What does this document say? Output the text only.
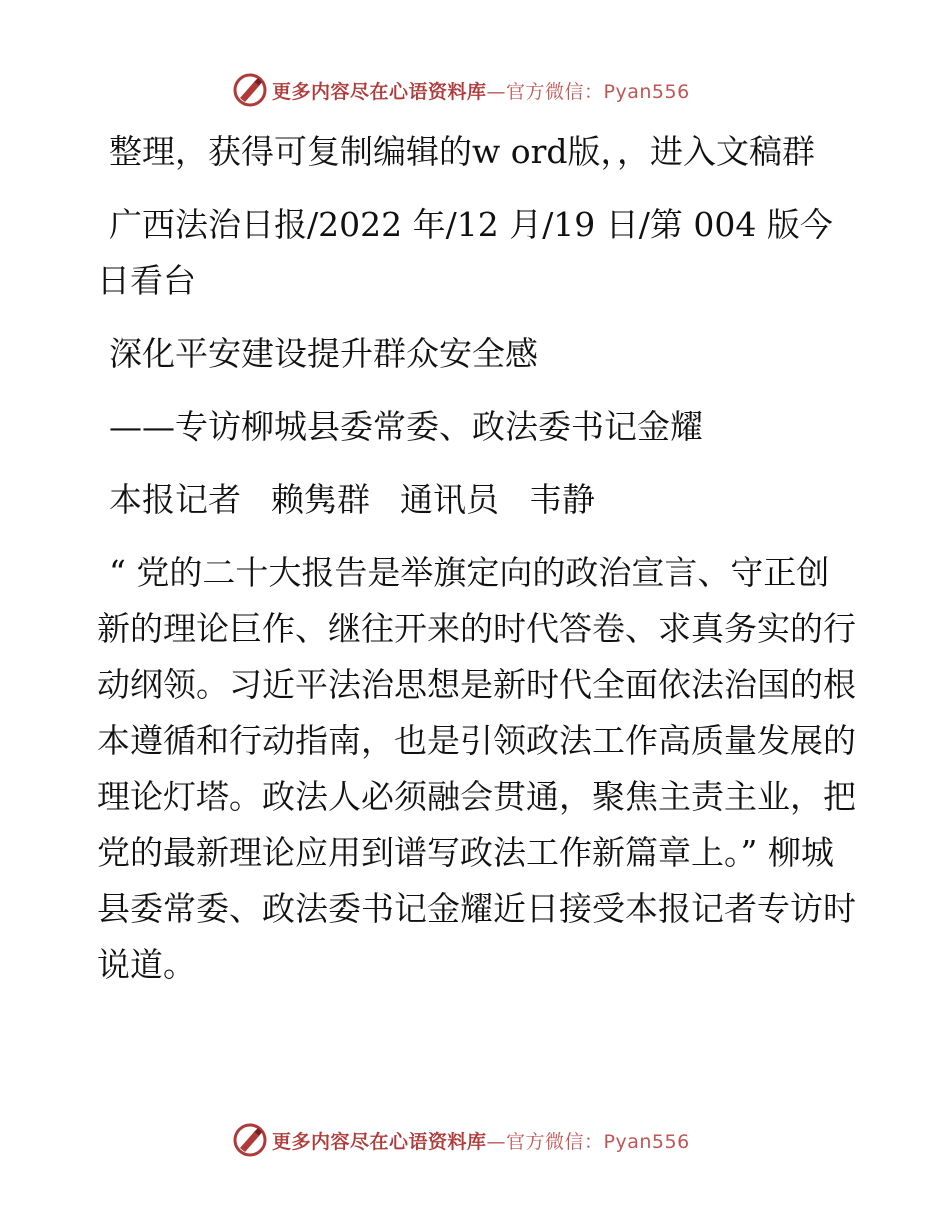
更多内容尽在心语资料库—官方微信：Pyan556

整理，获得可复制编辑的w ord版，，进入文稿群

广西法治日报/2022 年/12 月/19 日/第 004 版今日看台

深化平安建设提升群众安全感

——专访柳城县委常委、政法委书记金耀

本报记者 赖隽群 通讯员 韦静

“ 党的二十大报告是举旗定向的政治宣言、守正创新的理论巨作、继往开来的时代答卷、求真务实的行动纲领。习近平法治思想是新时代全面依法治国的根本遵循和行动指南，也是引领政法工作高质量发展的理论灯塔。政法人必须融会贯通，聚焦主责主业，把党的最新理论应用到谱写政法工作新篇章上。” 柳城县委常委、政法委书记金耀近日接受本报记者专访时说道。

更多内容尽在心语资料库—官方微信：Pyan556
